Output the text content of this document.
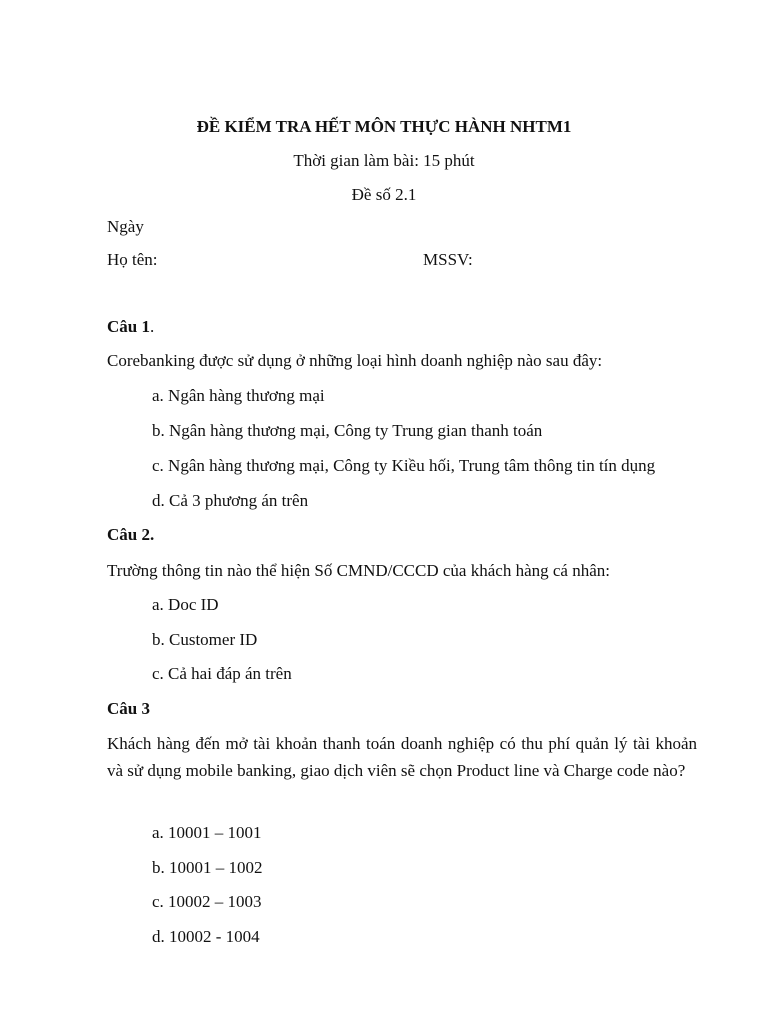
ĐỀ KIỂM TRA HẾT MÔN THỰC HÀNH NHTM1
Thời gian làm bài: 15 phút
Đề số 2.1
Ngày
Họ tên:	MSSV:
Câu 1.
Corebanking được sử dụng ở những loại hình doanh nghiệp nào sau đây:
a. Ngân hàng thương mại
b. Ngân hàng thương mại, Công ty Trung gian thanh toán
c. Ngân hàng thương mại, Công ty Kiều hối, Trung tâm thông tin tín dụng
d. Cả 3 phương án trên
Câu 2.
Trường thông tin nào thể hiện Số CMND/CCCD của khách hàng cá nhân:
a. Doc ID
b. Customer ID
c. Cả hai đáp án trên
Câu 3
Khách hàng đến mở tài khoản thanh toán doanh nghiệp có thu phí quản lý tài khoản và sử dụng mobile banking, giao dịch viên sẽ chọn Product line và Charge code nào?
a. 10001 – 1001
b. 10001 – 1002
c. 10002 – 1003
d. 10002 - 1004
